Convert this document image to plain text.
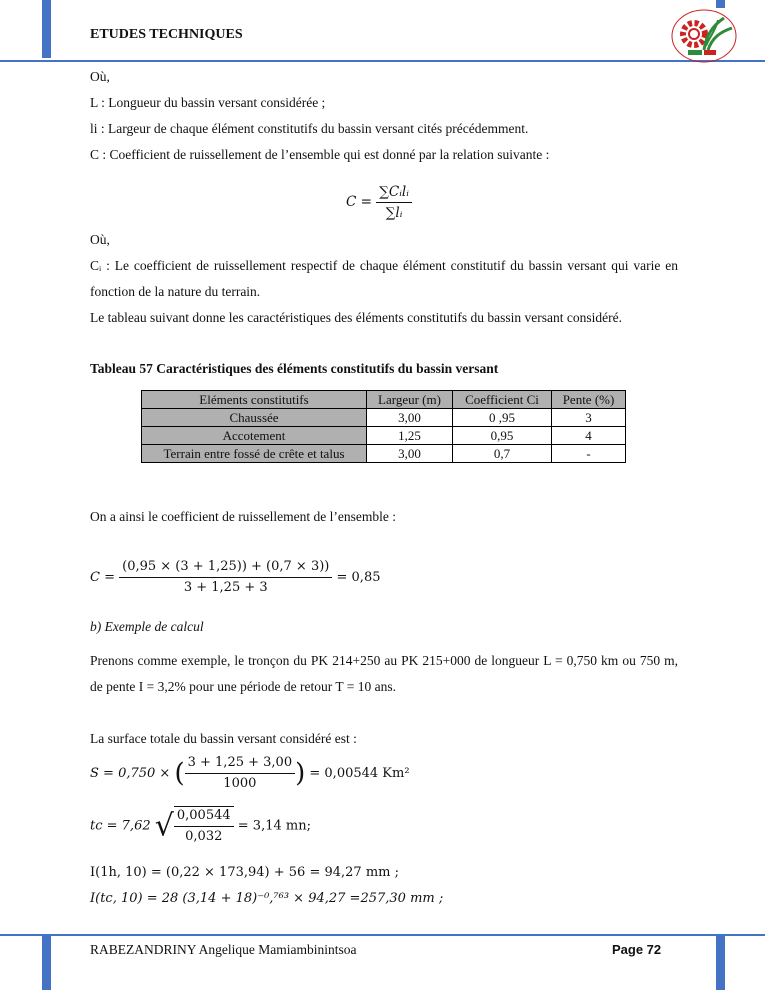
ETUDES TECHNIQUES
Où,
L : Longueur du bassin versant considérée ;
li : Largeur de chaque élément constitutifs du bassin versant cités précédemment.
C : Coefficient de ruissellement de l’ensemble qui est donné par la relation suivante :
$C = \frac{\text{∑Cᵢlᵢ}}{\text{∑lᵢ}}$
Où,
Cᵢ : Le coefficient de ruissellement respectif de chaque élément constitutif du bassin versant qui varie en fonction de la nature du terrain.
Le tableau suivant donne les caractéristiques des éléments constitutifs du bassin versant considéré.
Tableau 57 Caractéristiques des éléments constitutifs du bassin versant
Eléments constitutifs	Largeur (m)	Coefficient Ci	Pente (%)
Chaussée	3,00	0 ,95	3
Accotement	1,25	0,95	4
Terrain entre fossé de crête et talus	3,00	0,7	-
On a ainsi le coefficient de ruissellement de l’ensemble :
$C = \frac{(0,95 \times (3 + 1,25)) + (0,7 \times 3))}{3 + 1,25 + 3} = 0,85$
b) Exemple de calcul
Prenons comme exemple, le tronçon du PK 214+250 au PK 215+000 de longueur L = 0,750 km ou 750 m, de pente I = 3,2% pour une période de retour T = 10 ans.
La surface totale du bassin versant considéré est :
S = 0,750 × ( $\frac{3 + 1,25 + 3,00}{1000}$ ) = 0,00544 Km²
tc = 7,62 √ $\frac{0,00544}{0,032} = 3,14$ mn;
I(1h, 10) = (0,22 × 173,94) + 56 = 94,27 mm ;
I(tc, 10) = 28 (3,14 + 18)⁻⁰,⁷⁶³ × 94,27 =257,30 mm ;
RABEZANDRINY Angelique Mamiambinintsoa	Page 72
